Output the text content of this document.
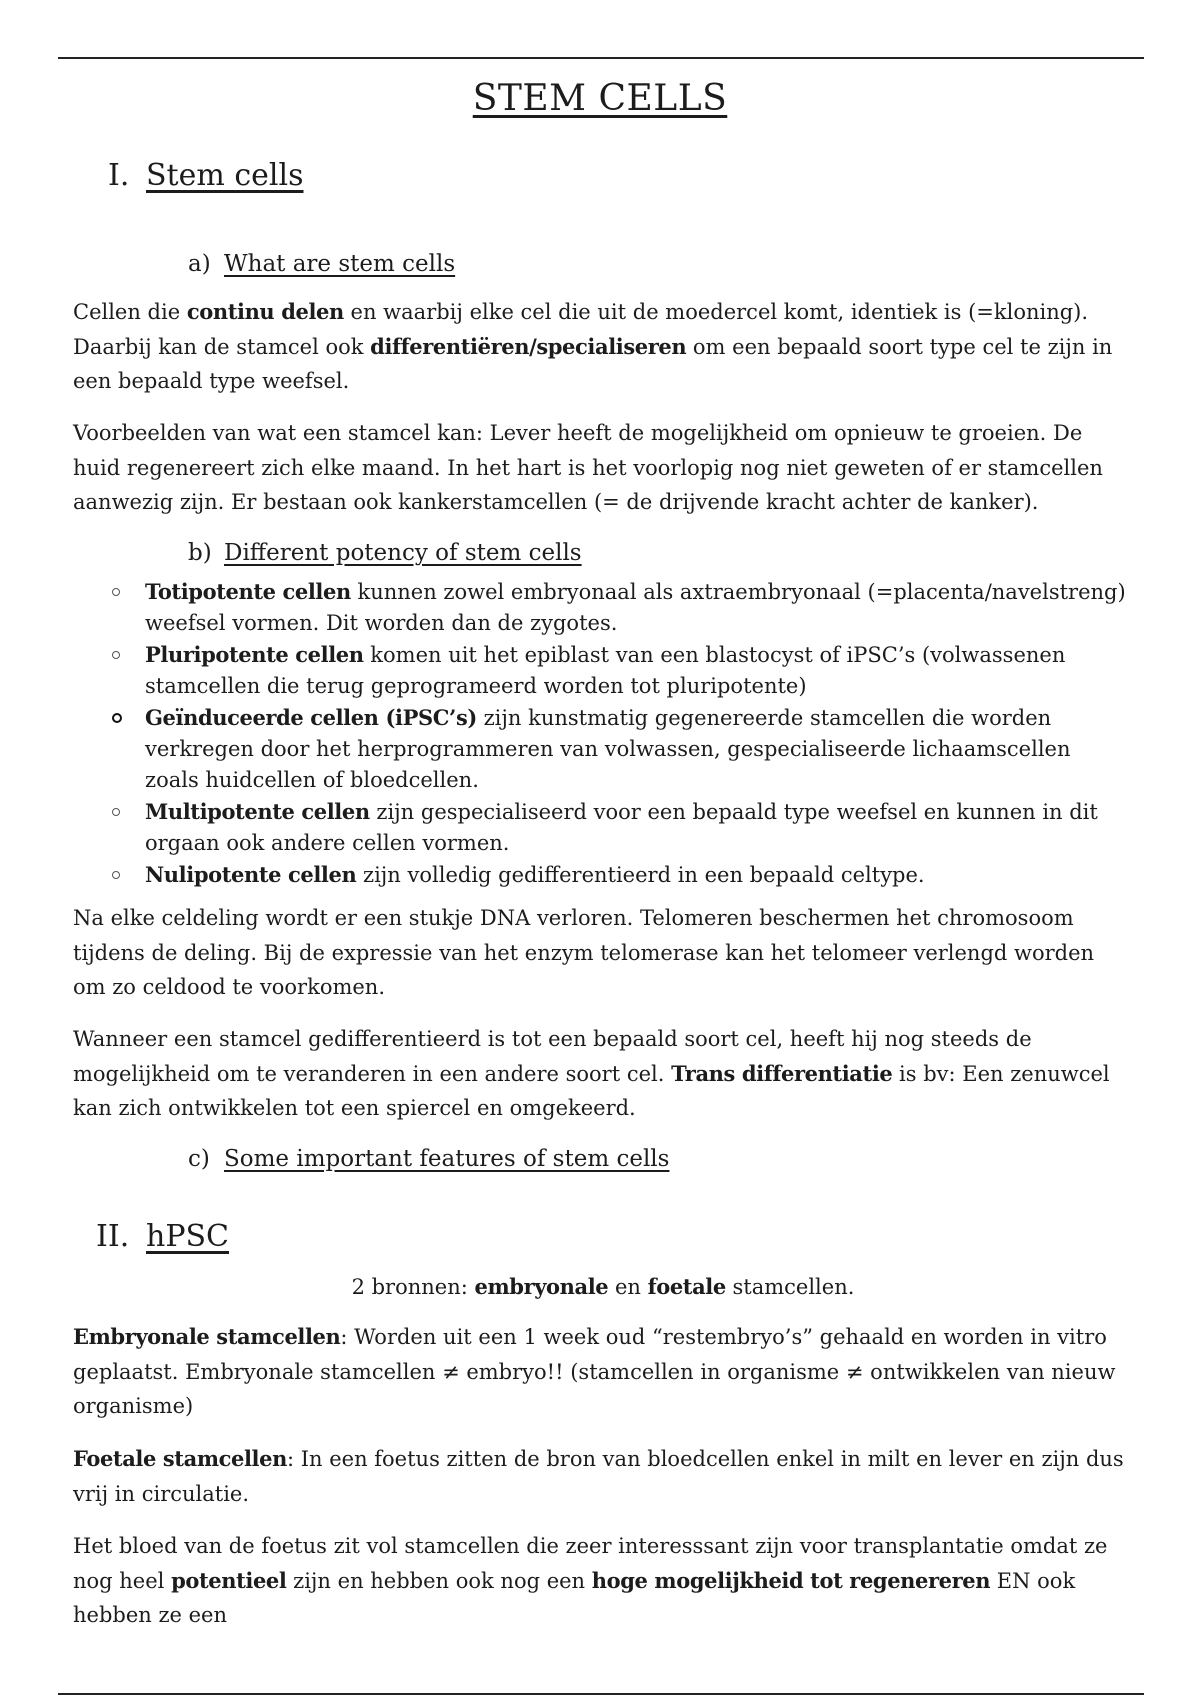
STEM CELLS
I. Stem cells
a) What are stem cells

Cellen die continu delen en waarbij elke cel die uit de moedercel komt, identiek is (=kloning). Daarbij kan de stamcel ook differentiëren/specialiseren om een bepaald soort type cel te zijn in een bepaald type weefsel.

Voorbeelden van wat een stamcel kan: Lever heeft de mogelijkheid om opnieuw te groeien. De huid regenereert zich elke maand. In het hart is het voorlopig nog niet geweten of er stamcellen aanwezig zijn. Er bestaan ook kankerstamcellen (= de drijvende kracht achter de kanker).

b) Different potency of stem cells
Totipotente cellen kunnen zowel embryonaal als axtraembryonaal (=placenta/navelstreng) weefsel vormen. Dit worden dan de zygotes.
Pluripotente cellen komen uit het epiblast van een blastocyst of iPSC’s (volwassenen stamcellen die terug geprogrameerd worden tot pluripotente)
Geïnduceerde cellen (iPSC’s) zijn kunstmatig gegenereerde stamcellen die worden verkregen door het herprogrammeren van volwassen, gespecialiseerde lichaamscellen zoals huidcellen of bloedcellen.
Multipotente cellen zijn gespecialiseerd voor een bepaald type weefsel en kunnen in dit orgaan ook andere cellen vormen.
Nulipotente cellen zijn volledig gedifferentieerd in een bepaald celtype.

Na elke celdeling wordt er een stukje DNA verloren. Telomeren beschermen het chromosoom tijdens de deling. Bij de expressie van het enzym telomerase kan het telomeer verlengd worden om zo celdood te voorkomen.

Wanneer een stamcel gedifferentieerd is tot een bepaald soort cel, heeft hij nog steeds de mogelijkheid om te veranderen in een andere soort cel. Trans differentiatie is bv: Een zenuwcel kan zich ontwikkelen tot een spiercel en omgekeerd.

c) Some important features of stem cells
II. hPSC

2 bronnen: embryonale en foetale stamcellen.

Embryonale stamcellen: Worden uit een 1 week oud “restembryo’s” gehaald en worden in vitro geplaatst. Embryonale stamcellen ≠ embryo!! (stamcellen in organisme ≠ ontwikkelen van nieuw organisme)

Foetale stamcellen: In een foetus zitten de bron van bloedcellen enkel in milt en lever en zijn dus vrij in circulatie.

Het bloed van de foetus zit vol stamcellen die zeer interesssant zijn voor transplantatie omdat ze nog heel potentieel zijn en hebben ook nog een hoge mogelijkheid tot regenereren EN ook hebben ze een
